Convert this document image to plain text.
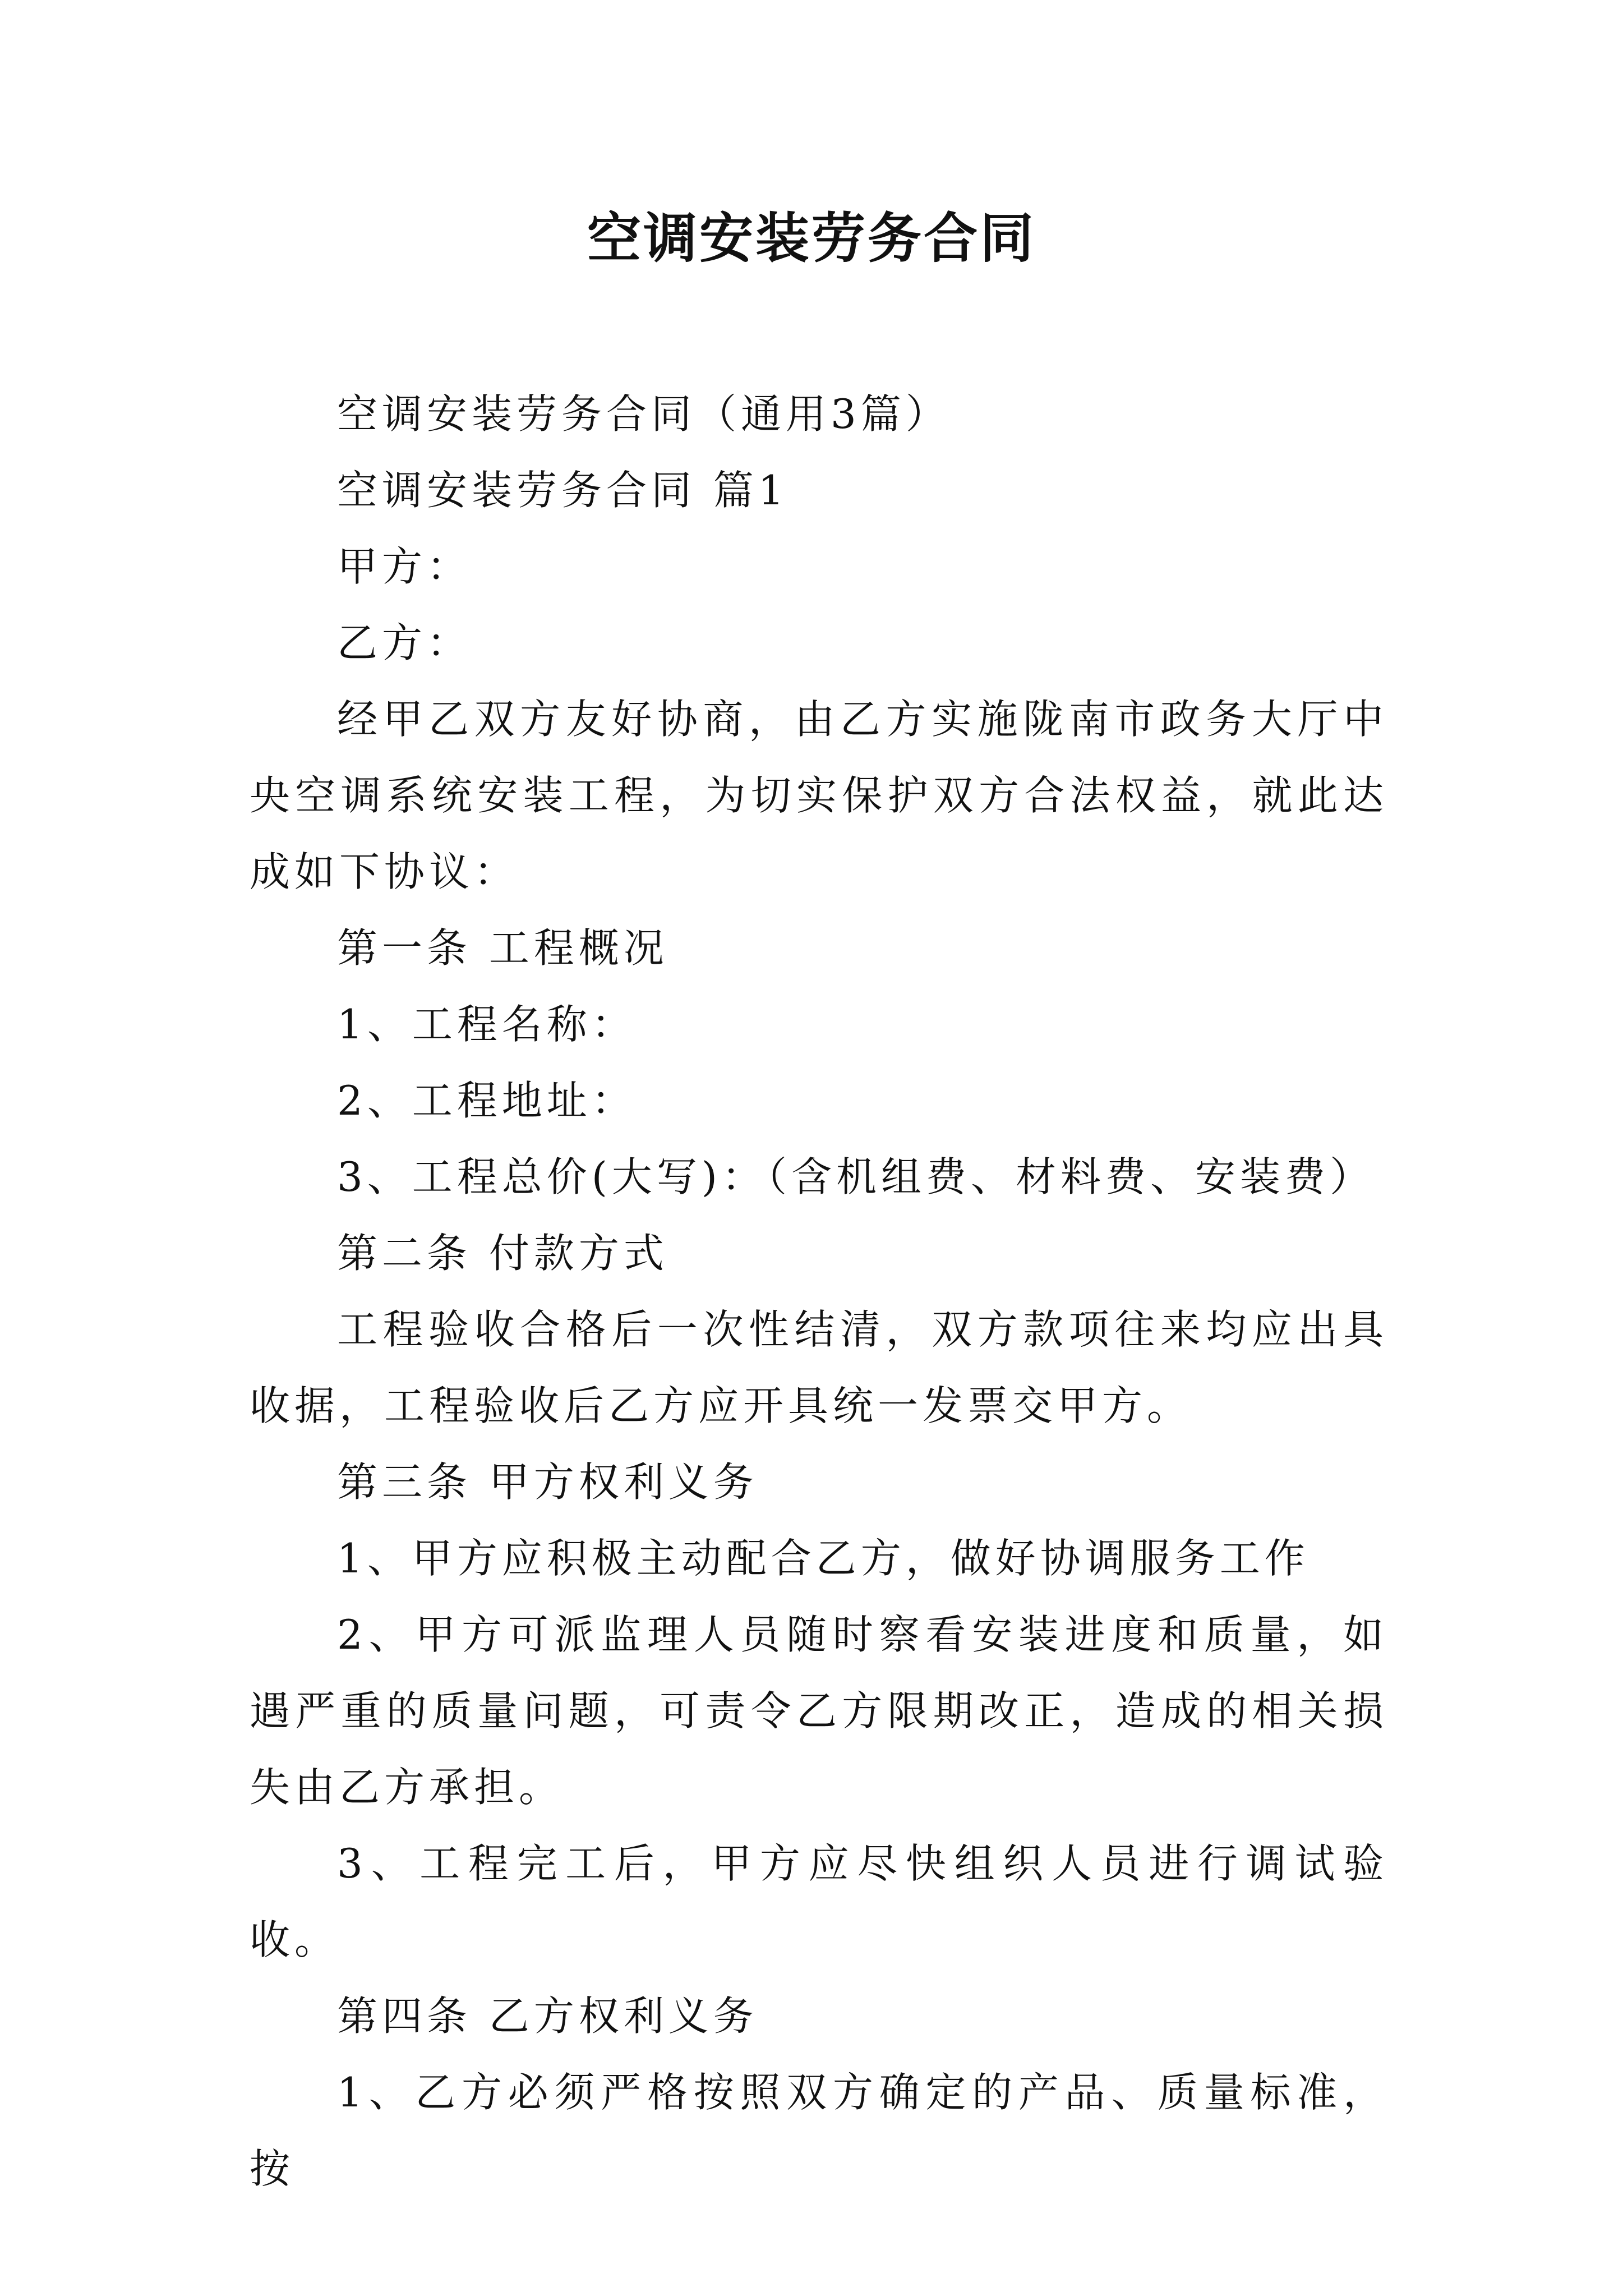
空调安装劳务合同

空调安装劳务合同（通用3篇）

空调安装劳务合同 篇1

甲方：

乙方：

经甲乙双方友好协商，由乙方实施陇南市政务大厅中央空调系统安装工程，为切实保护双方合法权益，就此达成如下协议：

第一条 工程概况

1、工程名称：

2、工程地址：

3、工程总价(大写)：（含机组费、材料费、安装费）

第二条 付款方式

工程验收合格后一次性结清，双方款项往来均应出具收据，工程验收后乙方应开具统一发票交甲方。

第三条 甲方权利义务

1、甲方应积极主动配合乙方，做好协调服务工作

2、甲方可派监理人员随时察看安装进度和质量，如遇严重的质量问题，可责令乙方限期改正，造成的相关损失由乙方承担。

3、工程完工后，甲方应尽快组织人员进行调试验收。

第四条 乙方权利义务

1、乙方必须严格按照双方确定的产品、质量标准，按
